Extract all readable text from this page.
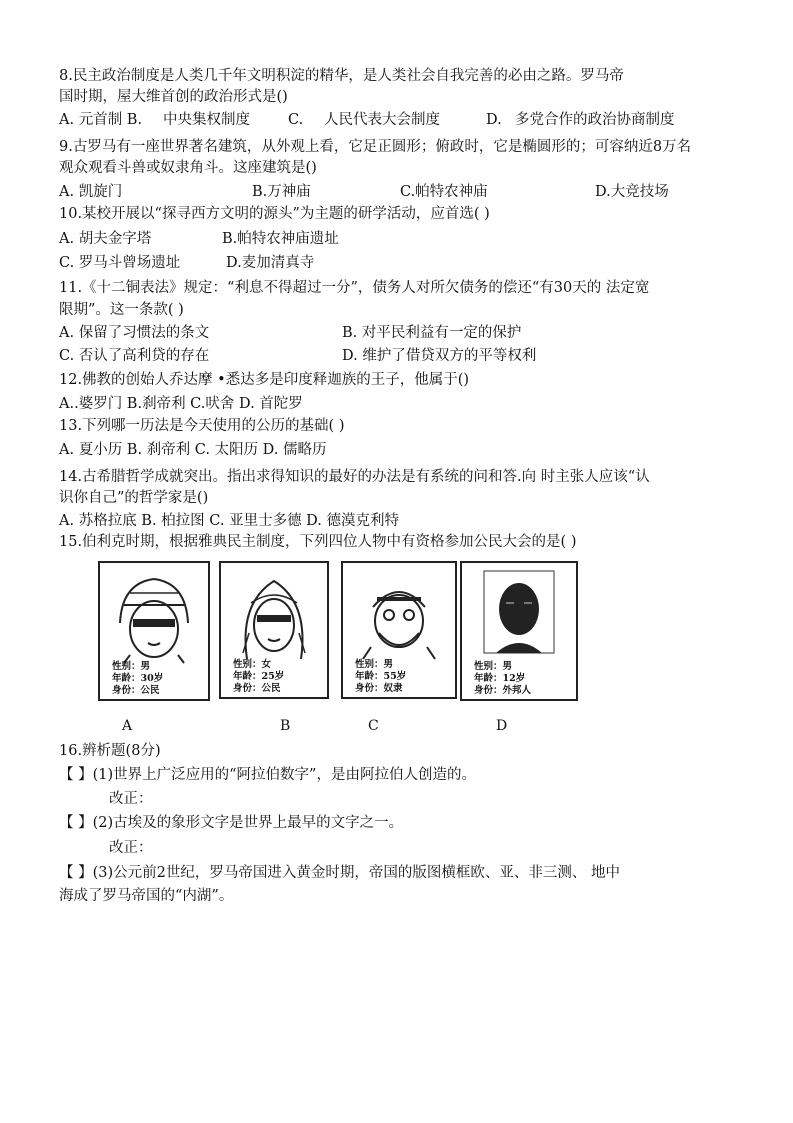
8.民主政治制度是人类几千年文明积淀的精华，是人类社会自我完善的必由之路。罗马帝
国时期，屋大维首创的政治形式是()
A. 元首制 B. 中央集权制度	C. 人民代表大会制度	D. 多党合作的政治协商制度
9.古罗马有一座世界著名建筑，从外观上看，它足正圆形；俯政时，它是椭圆形的；可容纳近8万名
观众观看斗兽或奴隶角斗。这座建筑是()
A. 凯旋门	B.万神庙	C.帕特农神庙	D.大竞技场
10.某校开展以“探寻西方文明的源头”为主题的研学活动，应首选( )
A. 胡夫金字塔	B.帕特农神庙遗址
C. 罗马斗曾场遗址	D.麦加清真寺
11.《十二铜表法》规定：“利息不得超过一分”，债务人对所欠债务的偿还“有30天的 法定宽
限期”。这一条款( )
A. 保留了习惯法的条文	B. 对平民利益有一定的保护
C. 否认了高利贷的存在	D. 维护了借贷双方的平等权利
12.佛教的创始人乔达摩 •悉达多是印度释迦族的王子，他属于()
A..婆罗门 B.刹帝利 C.吠舍 D. 首陀罗
13.下列哪一历法是今天使用的公历的基础( )
A. 夏小历 B. 刹帝利 C. 太阳历 D. 儒略历
14.古希腊哲学成就突出。指出求得知识的最好的办法是有系统的问和答.向 时主张人应该“认
识你自己”的哲学家是()
A. 苏格拉底 B. 柏拉图 C. 亚里士多德 D. 德漠克利特
15.伯利克时期，根据雅典民主制度，下列四位人物中有资格参加公民大会的是( )
性别：男
年龄：30岁
身份：公民
性别：女
年龄：25岁
身份：公民
性别：男
年龄：55岁
身份：奴隶
性别：男
年龄：12岁
身份：外邦人
A	B	C	D
16.辨析题(8分)
【 】(1)世界上广泛应用的“阿拉伯数字”，是由阿拉伯人创造的。
改正：
【 】(2)古埃及的象形文字是世界上最早的文字之一。
改正：
【 】(3)公元前2世纪，罗马帝国进入黄金时期，帝国的版图横框欧、亚、非三测、 地中
海成了罗马帝国的“内湖”。
